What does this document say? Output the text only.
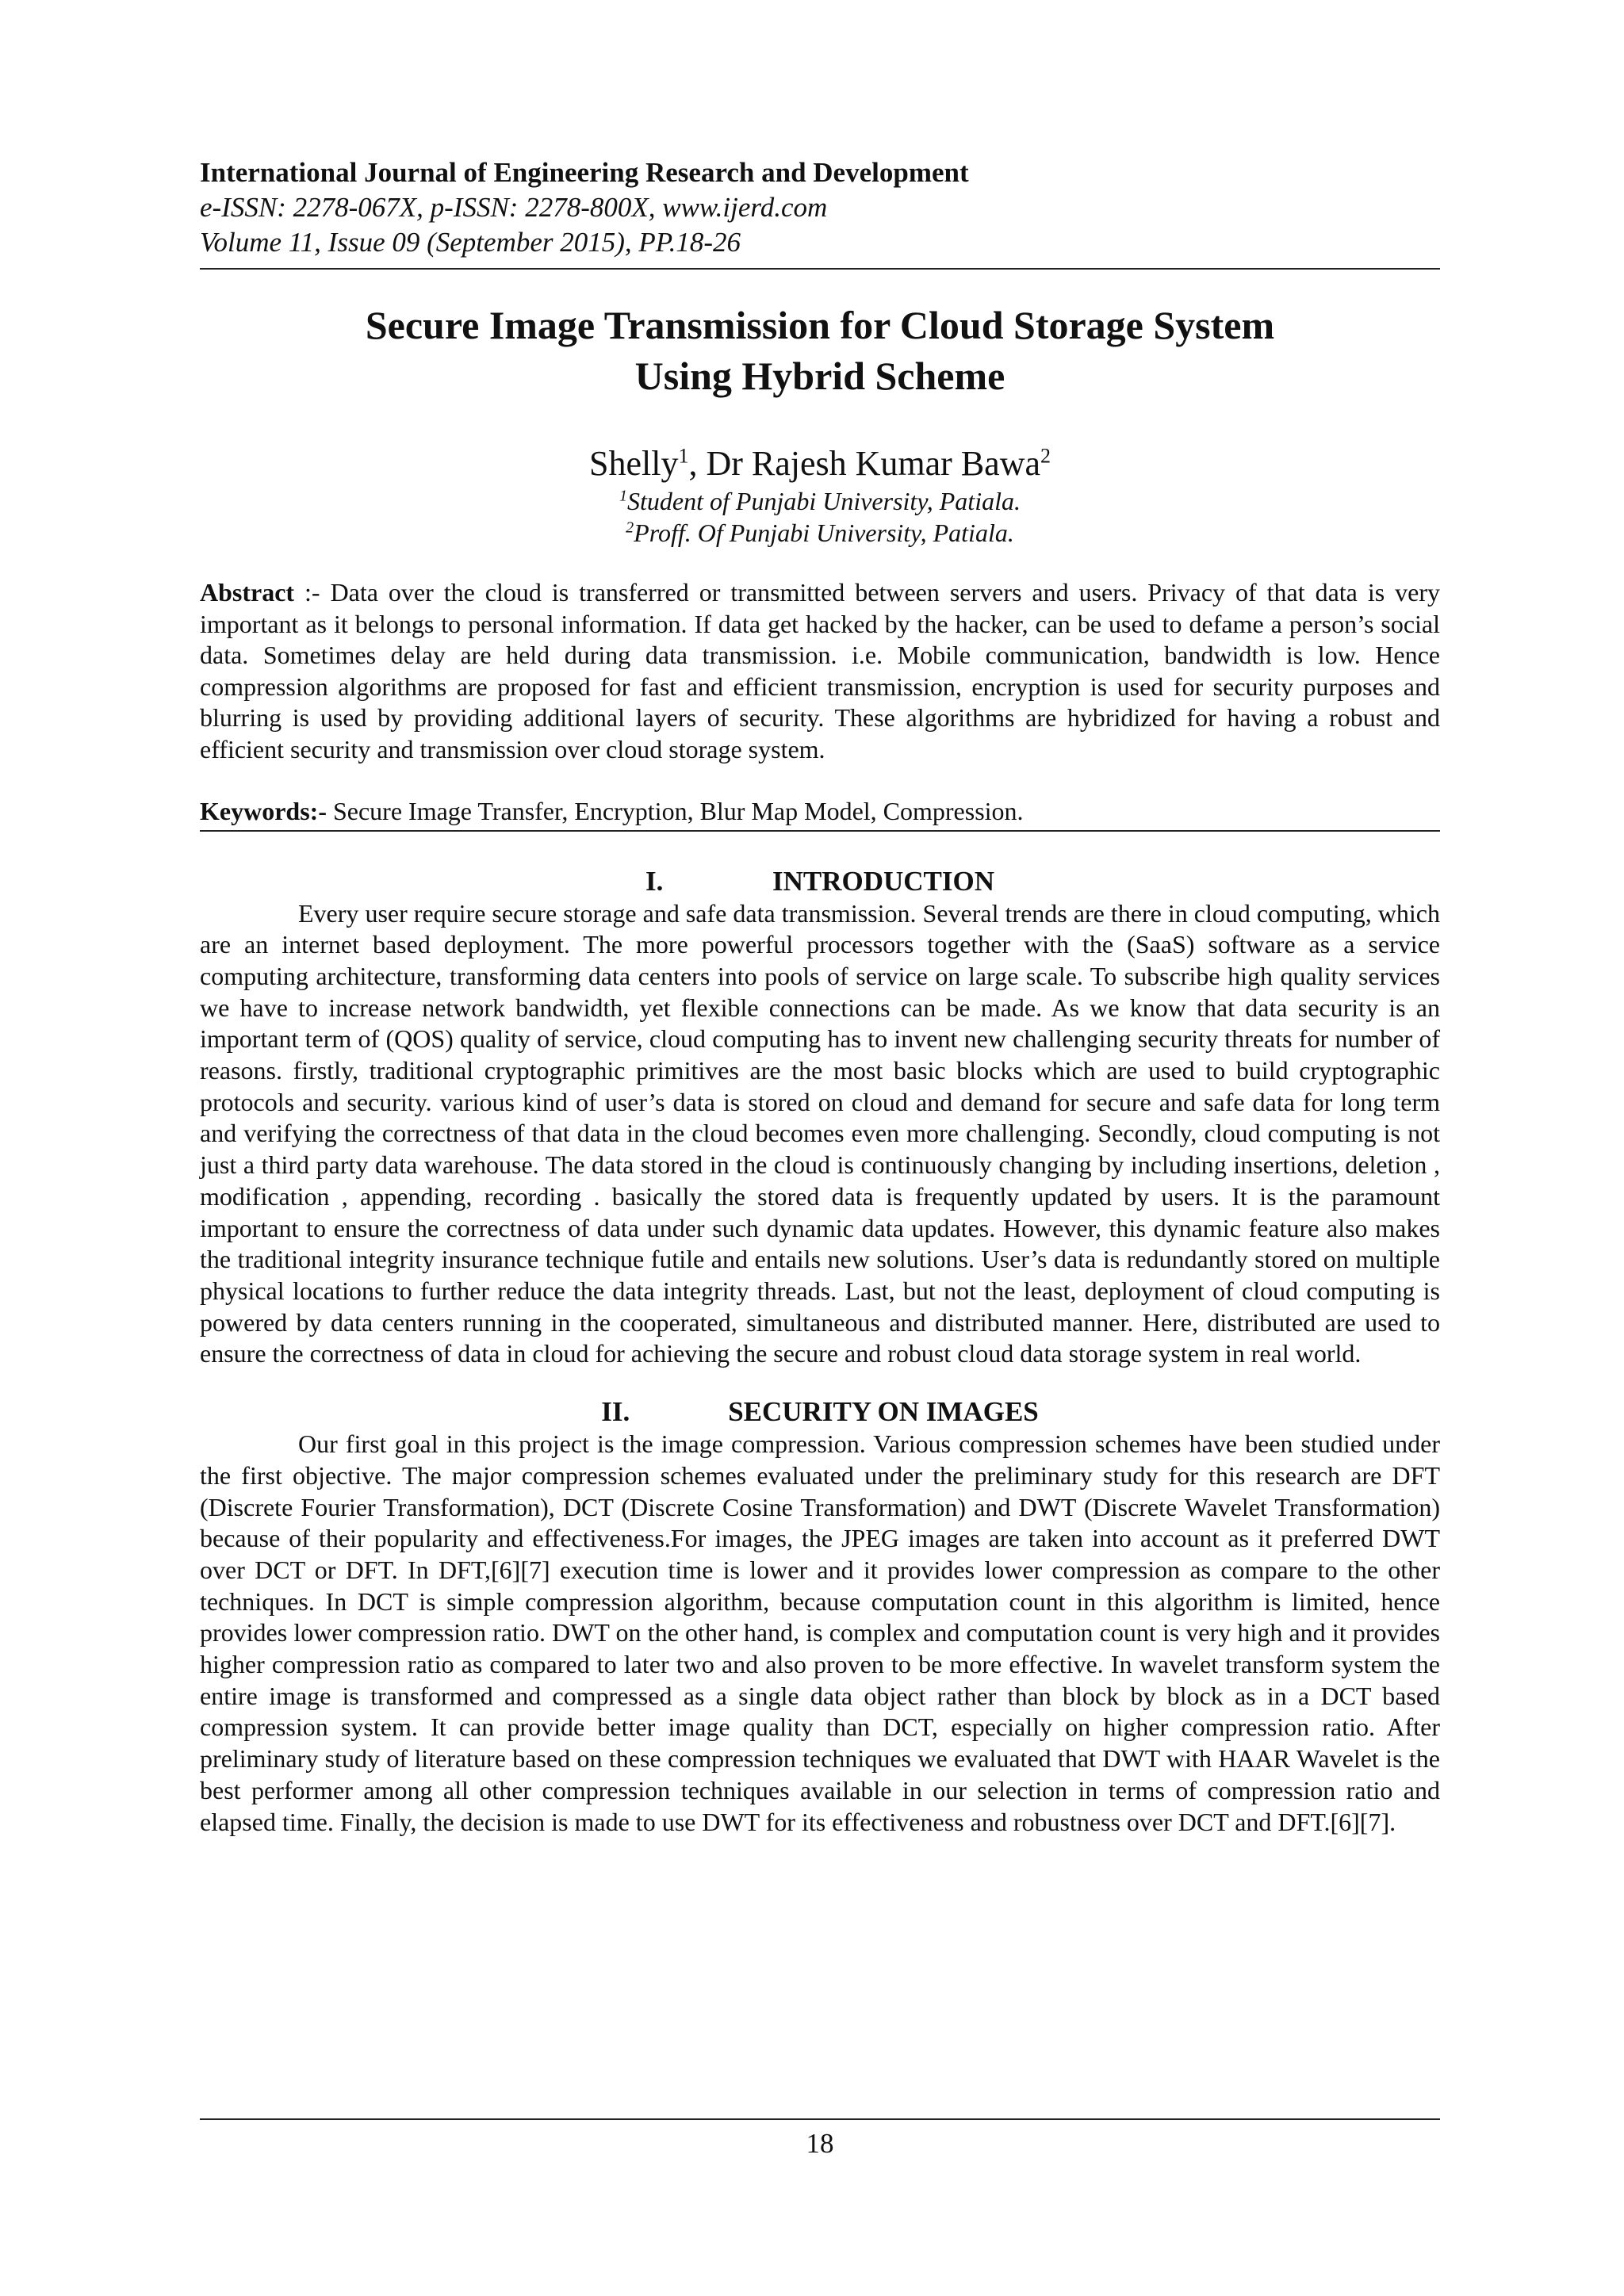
International Journal of Engineering Research and Development
e-ISSN: 2278-067X, p-ISSN: 2278-800X, www.ijerd.com
Volume 11, Issue 09 (September 2015), PP.18-26
Secure Image Transmission for Cloud Storage System
Using Hybrid Scheme
Shelly$^1$, Dr Rajesh Kumar Bawa$^2$
$^1$Student of Punjabi University, Patiala.
$^2$Proff. Of Punjabi University, Patiala.
Abstract :- Data over the cloud is transferred or transmitted between servers and users. Privacy of that data is very important as it belongs to personal information. If data get hacked by the hacker, can be used to defame a person’s social data. Sometimes delay are held during data transmission. i.e. Mobile communication, bandwidth is low. Hence compression algorithms are proposed for fast and efficient transmission, encryption is used for security purposes and blurring is used by providing additional layers of security. These algorithms are hybridized for having a robust and efficient security and transmission over cloud storage system.
Keywords:- Secure Image Transfer, Encryption, Blur Map Model, Compression.
I.	INTRODUCTION
Every user require secure storage and safe data transmission. Several trends are there in cloud computing, which are an internet based deployment. The more powerful processors together with the (SaaS) software as a service computing architecture, transforming data centers into pools of service on large scale. To subscribe high quality services we have to increase network bandwidth, yet flexible connections can be made. As we know that data security is an important term of (QOS) quality of service, cloud computing has to invent new challenging security threats for number of reasons. firstly, traditional cryptographic primitives are the most basic blocks which are used to build cryptographic protocols and security. various kind of user’s data is stored on cloud and demand for secure and safe data for long term and verifying the correctness of that data in the cloud becomes even more challenging. Secondly, cloud computing is not just a third party data warehouse. The data stored in the cloud is continuously changing by including insertions, deletion , modification , appending, recording . basically the stored data is frequently updated by users. It is the paramount important to ensure the correctness of data under such dynamic data updates. However, this dynamic feature also makes the traditional integrity insurance technique futile and entails new solutions. User’s data is redundantly stored on multiple physical locations to further reduce the data integrity threads. Last, but not the least, deployment of cloud computing is powered by data centers running in the cooperated, simultaneous and distributed manner. Here, distributed are used to ensure the correctness of data in cloud for achieving the secure and robust cloud data storage system in real world.
II.	SECURITY ON IMAGES
Our first goal in this project is the image compression. Various compression schemes have been studied under the first objective. The major compression schemes evaluated under the preliminary study for this research are DFT (Discrete Fourier Transformation), DCT (Discrete Cosine Transformation) and DWT (Discrete Wavelet Transformation) because of their popularity and effectiveness.For images, the JPEG images are taken into account as it preferred DWT over DCT or DFT. In DFT,[6][7] execution time is lower and it provides lower compression as compare to the other techniques. In DCT is simple compression algorithm, because computation count in this algorithm is limited, hence provides lower compression ratio. DWT on the other hand, is complex and computation count is very high and it provides higher compression ratio as compared to later two and also proven to be more effective. In wavelet transform system the entire image is transformed and compressed as a single data object rather than block by block as in a DCT based compression system. It can provide better image quality than DCT, especially on higher compression ratio. After preliminary study of literature based on these compression techniques we evaluated that DWT with HAAR Wavelet is the best performer among all other compression techniques available in our selection in terms of compression ratio and elapsed time. Finally, the decision is made to use DWT for its effectiveness and robustness over DCT and DFT.[6][7].
18
